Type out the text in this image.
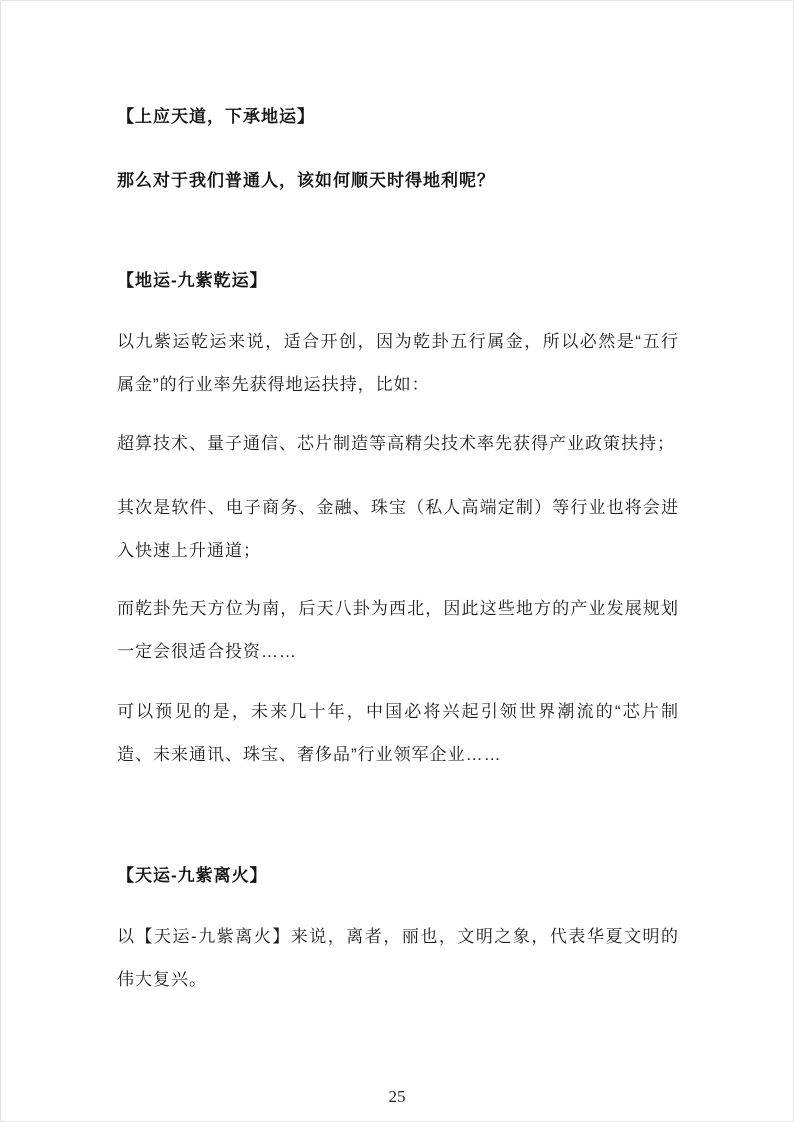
【上应天道，下承地运】
那么对于我们普通人，该如何顺天时得地利呢？
【地运-九紫乾运】
以九紫运乾运来说，适合开创，因为乾卦五行属金，所以必然是“五行属金”的行业率先获得地运扶持，比如：
超算技术、量子通信、芯片制造等高精尖技术率先获得产业政策扶持；
其次是软件、电子商务、金融、珠宝（私人高端定制）等行业也将会进入快速上升通道；
而乾卦先天方位为南，后天八卦为西北，因此这些地方的产业发展规划一定会很适合投资……
可以预见的是，未来几十年，中国必将兴起引领世界潮流的“芯片制造、未来通讯、珠宝、奢侈品”行业领军企业……
【天运-九紫离火】
以【天运-九紫离火】来说，离者，丽也，文明之象，代表华夏文明的伟大复兴。
25
